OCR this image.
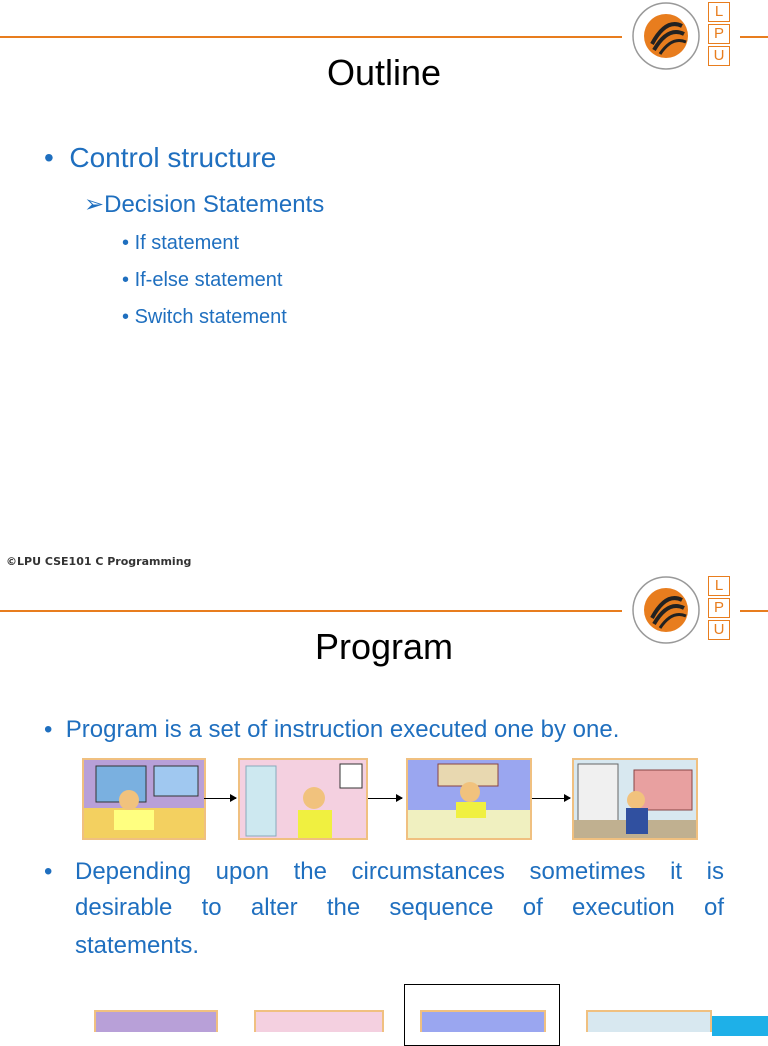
L
P
U
Outline
•  Control structure
➢Decision Statements
• If statement
• If-else statement
• Switch statement
©LPU CSE101 C Programming
L
P
U
Program
•  Program is a set of instruction executed one by one.
• Depending upon the circumstances sometimes it is
desirable to alter the sequence of execution of
statements.
